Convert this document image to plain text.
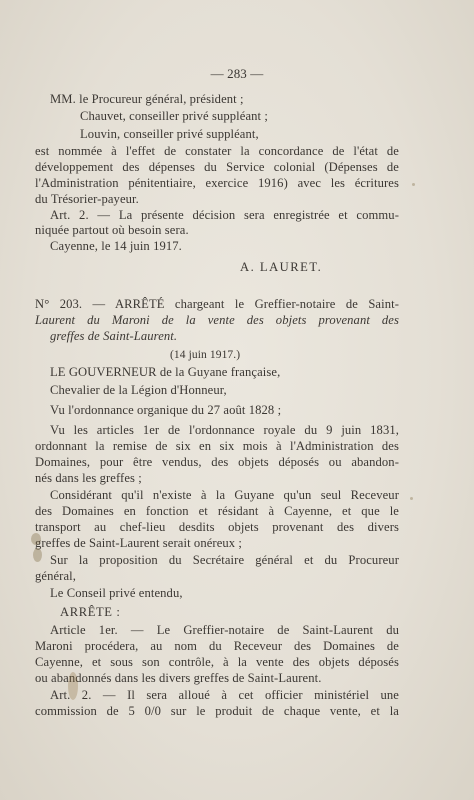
— 283 —
MM. le Procureur général, président ;
Chauvet, conseiller privé suppléant ;
Louvin, conseiller privé suppléant,
est nommée à l'effet de constater la concordance de l'état de
développement des dépenses du Service colonial (Dépenses de
l'Administration pénitentiaire, exercice 1916) avec les écritures
du Trésorier-payeur.
Art. 2. — La présente décision sera enregistrée et commu-
niquée partout où besoin sera.
Cayenne, le 14 juin 1917.
A. LAURET.
N° 203. — ARRÊTÉ chargeant le Greffier-notaire de Saint-
Laurent du Maroni de la vente des objets provenant des
greffes de Saint-Laurent.
(14 juin 1917.)
LE GOUVERNEUR de la Guyane française,
Chevalier de la Légion d'Honneur,
Vu l'ordonnance organique du 27 août 1828 ;
Vu les articles 1er de l'ordonnance royale du 9 juin 1831,
ordonnant la remise de six en six mois à l'Administration des
Domaines, pour être vendus, des objets déposés ou abandon-
nés dans les greffes ;
Considérant qu'il n'existe à la Guyane qu'un seul Receveur
des Domaines en fonction et résidant à Cayenne, et que le
transport au chef-lieu desdits objets provenant des divers
greffes de Saint-Laurent serait onéreux ;
Sur la proposition du Secrétaire général et du Procureur
général,
Le Conseil privé entendu,
ARRÊTE :
Article 1er. — Le Greffier-notaire de Saint-Laurent du
Maroni procédera, au nom du Receveur des Domaines de
Cayenne, et sous son contrôle, à la vente des objets déposés
ou abandonnés dans les divers greffes de Saint-Laurent.
Art. 2. — Il sera alloué à cet officier ministériel une
commission de 5 0/0 sur le produit de chaque vente, et la
